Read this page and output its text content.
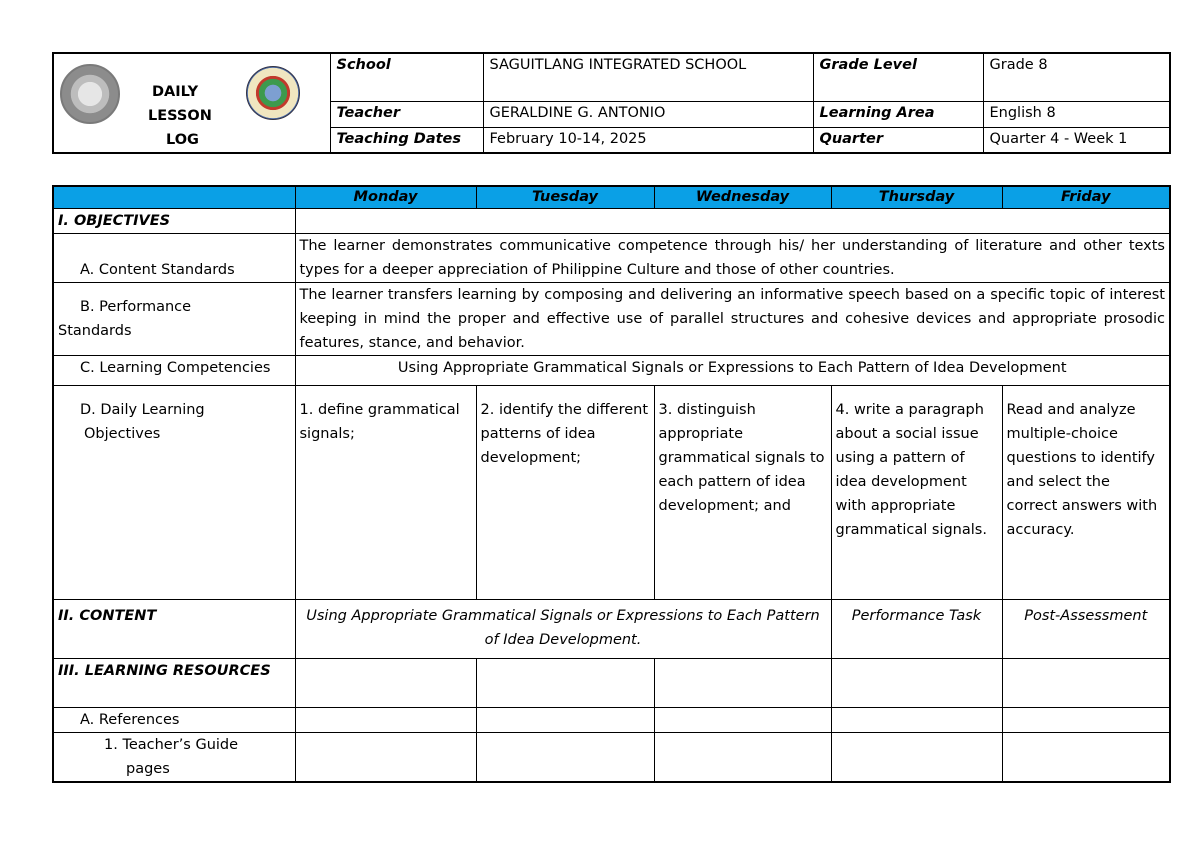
DAILY
LESSON
LOG	School	SAGUITLANG INTEGRATED SCHOOL	Grade Level	Grade 8
	Teacher	GERALDINE G. ANTONIO	Learning Area	English 8
	Teaching Dates	February 10-14, 2025	Quarter	Quarter 4 - Week 1
	Monday	Tuesday	Wednesday	Thursday	Friday
I. OBJECTIVES					
A. Content Standards	The learner demonstrates communicative competence through his/ her understanding of literature and other texts types for a deeper appreciation of Philippine Culture and those of other countries.				
B. Performance
Standards	The learner transfers learning by composing and delivering an informative speech based on a specific topic of interest keeping in mind the proper and effective use of parallel structures and cohesive devices and appropriate prosodic features, stance, and behavior.				
C. Learning Competencies	Using Appropriate Grammatical Signals or Expressions to Each Pattern of Idea Development				
D. Daily Learning
Objectives	1. define grammatical signals;	2. identify the different patterns of idea development;	3. distinguish appropriate grammatical signals to each pattern of idea development; and	4. write a paragraph about a social issue using a pattern of idea development with appropriate grammatical signals.	Read and analyze multiple-choice questions to identify and select the correct answers with accuracy.
II. CONTENT	Using Appropriate Grammatical Signals or Expressions to Each Pattern of Idea Development.			Performance Task	Post-Assessment
III. LEARNING RESOURCES					
A. References					
1. Teacher’s Guide
pages					
